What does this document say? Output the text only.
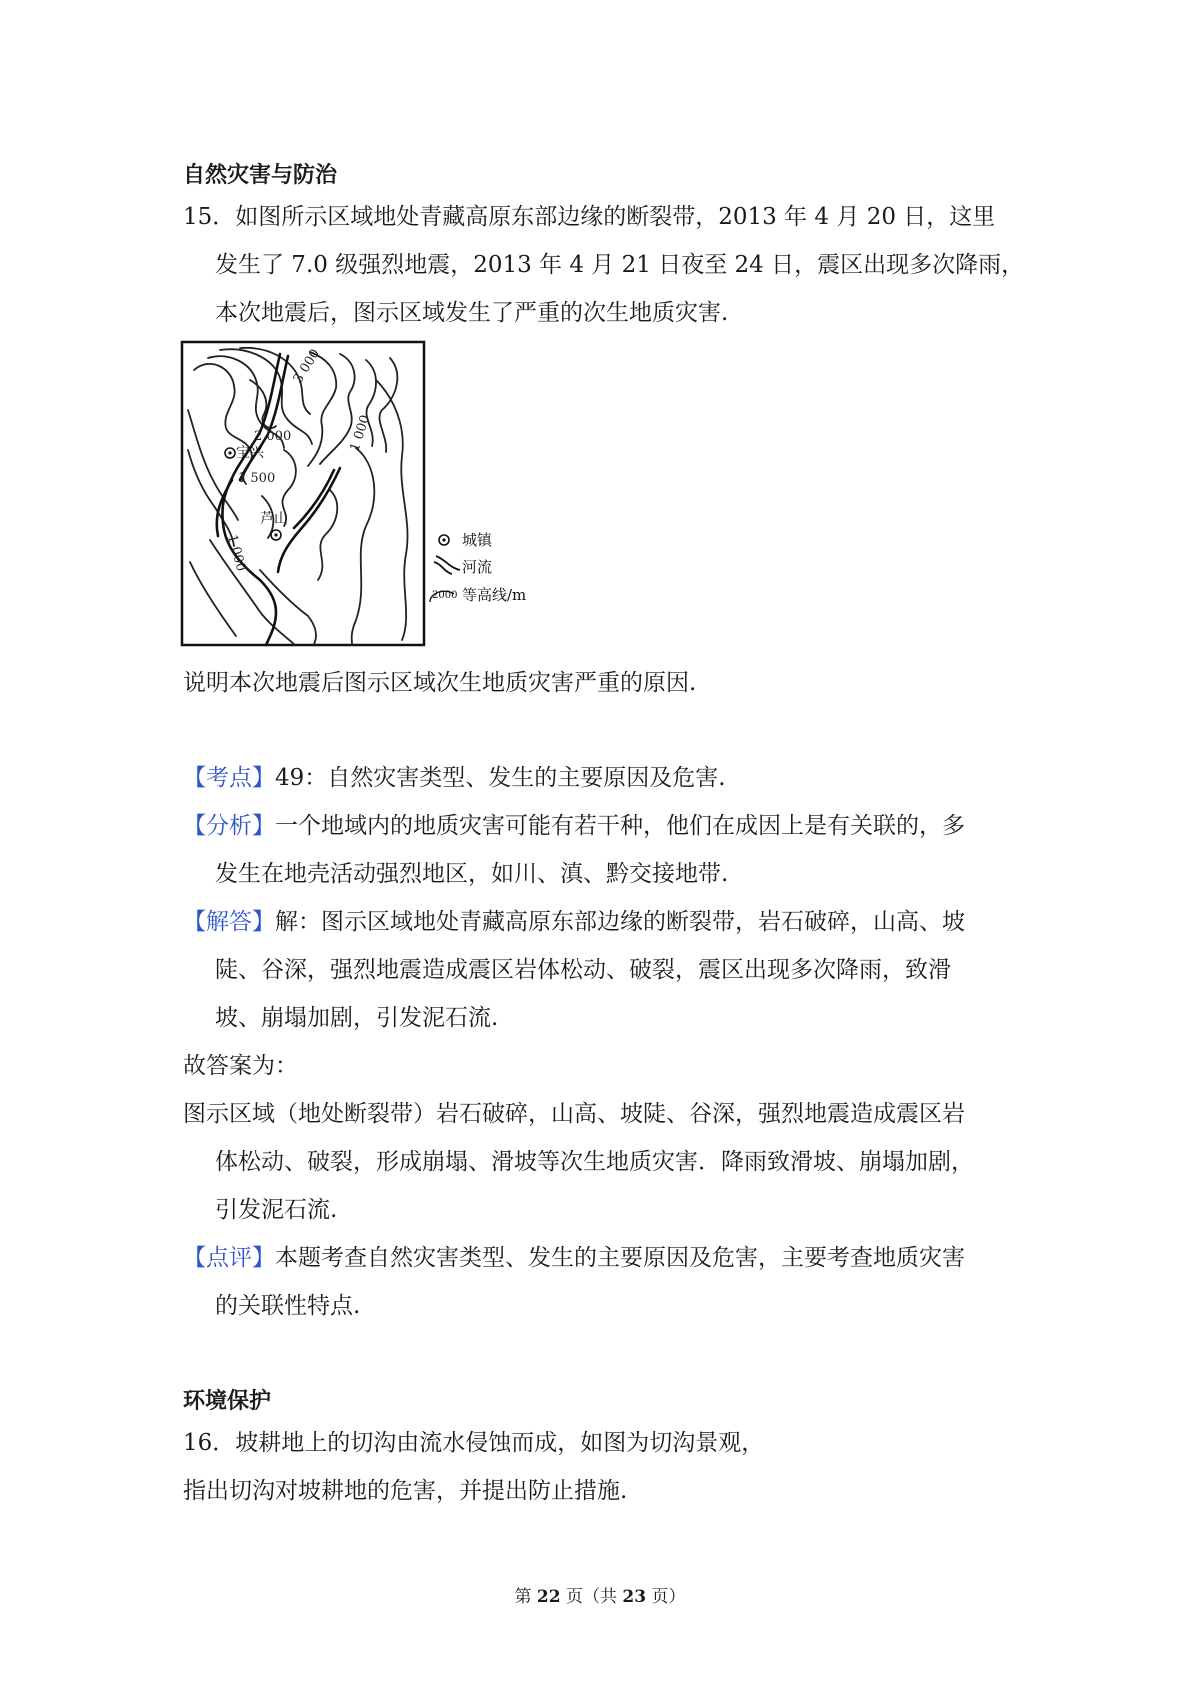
自然灾害与防治
15．如图所示区域地处青藏高原东部边缘的断裂带，2013 年 4 月 20 日，这里
发生了 7.0 级强烈地震，2013 年 4 月 21 日夜至 24 日，震区出现多次降雨，
本次地震后，图示区域发生了严重的次生地质灾害.
3 000
2 000
1 500
1 000
1 000
宝兴
芦山
城镇
河流
2000 等高线/m
说明本次地震后图示区域次生地质灾害严重的原因.
【考点】49：自然灾害类型、发生的主要原因及危害.
【分析】一个地域内的地质灾害可能有若干种，他们在成因上是有关联的，多
发生在地壳活动强烈地区，如川、滇、黔交接地带.
【解答】解：图示区域地处青藏高原东部边缘的断裂带，岩石破碎，山高、坡
陡、谷深，强烈地震造成震区岩体松动、破裂，震区出现多次降雨，致滑
坡、崩塌加剧，引发泥石流.
故答案为：
图示区域（地处断裂带）岩石破碎，山高、坡陡、谷深，强烈地震造成震区岩
体松动、破裂，形成崩塌、滑坡等次生地质灾害．降雨致滑坡、崩塌加剧，
引发泥石流.
【点评】本题考查自然灾害类型、发生的主要原因及危害，主要考查地质灾害
的关联性特点.
环境保护
16．坡耕地上的切沟由流水侵蚀而成，如图为切沟景观，
指出切沟对坡耕地的危害，并提出防止措施.
第 22 页（共 23 页）
